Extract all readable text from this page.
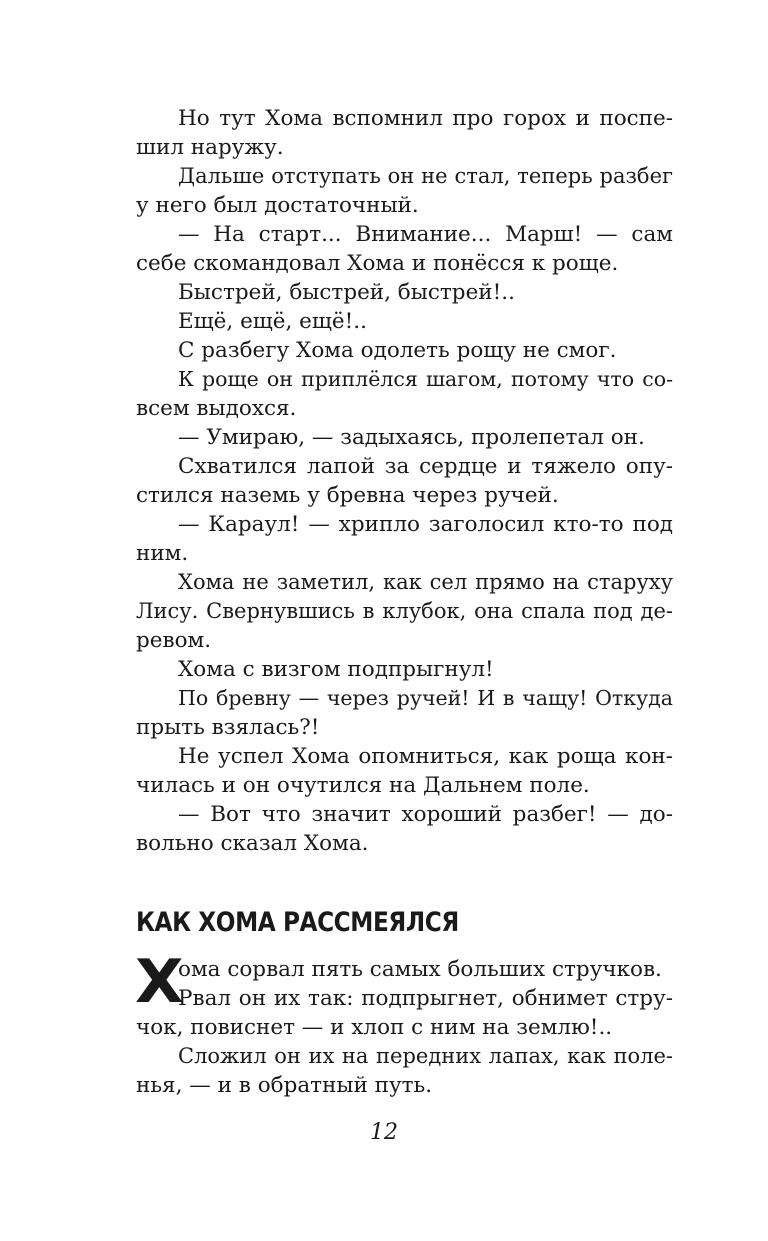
Но тут Хома вспомнил про горох и поспе-
шил наружу.
Дальше отступать он не стал, теперь разбег
у него был достаточный.
— На старт... Внимание... Марш! — сам
себе скомандовал Хома и понёсся к роще.
Быстрей, быстрей, быстрей!..
Ещё, ещё, ещё!..
С разбегу Хома одолеть рощу не смог.
К роще он приплёлся шагом, потому что со-
всем выдохся.
— Умираю, — задыхаясь, пролепетал он.
Схватился лапой за сердце и тяжело опу-
стился наземь у бревна через ручей.
— Караул! — хрипло заголосил кто-то под
ним.
Хома не заметил, как сел прямо на старуху
Лису. Свернувшись в клубок, она спала под де-
ревом.
Хома с визгом подпрыгнул!
По бревну — через ручей! И в чащу! Откуда
прыть взялась?!
Не успел Хома опомниться, как роща кон-
чилась и он очутился на Дальнем поле.
— Вот что значит хороший разбег! — до-
вольно сказал Хома.
КАК ХОМА РАССМЕЯЛСЯ
Х
ома сорвал пять самых больших стручков.
Рвал он их так: подпрыгнет, обнимет стру-
чок, повиснет — и хлоп с ним на землю!..
Сложил он их на передних лапах, как поле-
нья, — и в обратный путь.
12
